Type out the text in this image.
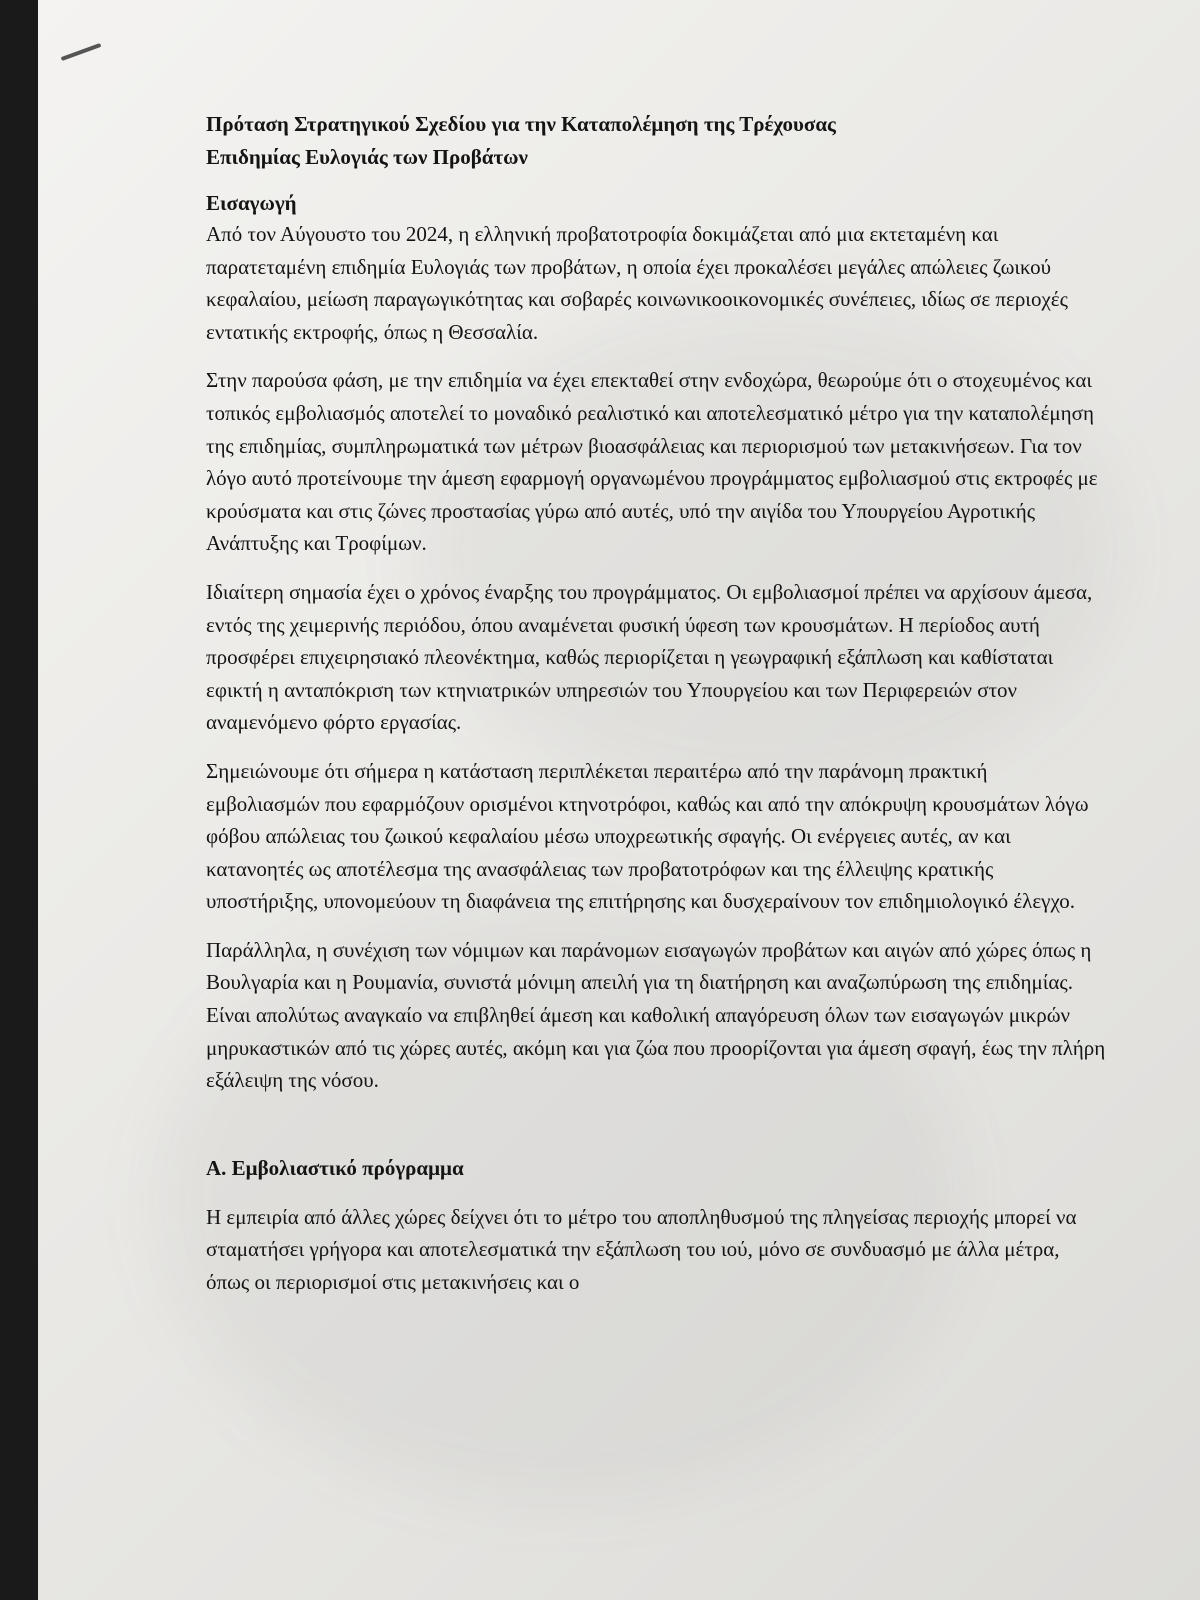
Πρόταση Στρατηγικού Σχεδίου για την Καταπολέμηση της Τρέχουσας
Επιδημίας Ευλογιάς των Προβάτων
Εισαγωγή

Από τον Αύγουστο του 2024, η ελληνική προβατοτροφία δοκιμάζεται από μια εκτεταμένη και παρατεταμένη επιδημία Ευλογιάς των προβάτων, η οποία έχει προκαλέσει μεγάλες απώλειες ζωικού κεφαλαίου, μείωση παραγωγικότητας και σοβαρές κοινωνικοοικονομικές συνέπειες, ιδίως σε περιοχές εντατικής εκτροφής, όπως η Θεσσαλία.

Στην παρούσα φάση, με την επιδημία να έχει επεκταθεί στην ενδοχώρα, θεωρούμε ότι ο στοχευμένος και τοπικός εμβολιασμός αποτελεί το μοναδικό ρεαλιστικό και αποτελεσματικό μέτρο για την καταπολέμηση της επιδημίας, συμπληρωματικά των μέτρων βιοασφάλειας και περιορισμού των μετακινήσεων. Για τον λόγο αυτό προτείνουμε την άμεση εφαρμογή οργανωμένου προγράμματος εμβολιασμού στις εκτροφές με κρούσματα και στις ζώνες προστασίας γύρω από αυτές, υπό την αιγίδα του Υπουργείου Αγροτικής Ανάπτυξης και Τροφίμων.

Ιδιαίτερη σημασία έχει ο χρόνος έναρξης του προγράμματος. Οι εμβολιασμοί πρέπει να αρχίσουν άμεσα, εντός της χειμερινής περιόδου, όπου αναμένεται φυσική ύφεση των κρουσμάτων. Η περίοδος αυτή προσφέρει επιχειρησιακό πλεονέκτημα, καθώς περιορίζεται η γεωγραφική εξάπλωση και καθίσταται εφικτή η ανταπόκριση των κτηνιατρικών υπηρεσιών του Υπουργείου και των Περιφερειών στον αναμενόμενο φόρτο εργασίας.

Σημειώνουμε ότι σήμερα η κατάσταση περιπλέκεται περαιτέρω από την παράνομη πρακτική εμβολιασμών που εφαρμόζουν ορισμένοι κτηνοτρόφοι, καθώς και από την απόκρυψη κρουσμάτων λόγω φόβου απώλειας του ζωικού κεφαλαίου μέσω υποχρεωτικής σφαγής. Οι ενέργειες αυτές, αν και κατανοητές ως αποτέλεσμα της ανασφάλειας των προβατοτρόφων και της έλλειψης κρατικής υποστήριξης, υπονομεύουν τη διαφάνεια της επιτήρησης και δυσχεραίνουν τον επιδημιολογικό έλεγχο.

Παράλληλα, η συνέχιση των νόμιμων και παράνομων εισαγωγών προβάτων και αιγών από χώρες όπως η Βουλγαρία και η Ρουμανία, συνιστά μόνιμη απειλή για τη διατήρηση και αναζωπύρωση της επιδημίας. Είναι απολύτως αναγκαίο να επιβληθεί άμεση και καθολική απαγόρευση όλων των εισαγωγών μικρών μηρυκαστικών από τις χώρες αυτές, ακόμη και για ζώα που προορίζονται για άμεση σφαγή, έως την πλήρη εξάλειψη της νόσου.

Α. Εμβολιαστικό πρόγραμμα

Η εμπειρία από άλλες χώρες δείχνει ότι το μέτρο του αποπληθυσμού της πληγείσας περιοχής μπορεί να σταματήσει γρήγορα και αποτελεσματικά την εξάπλωση του ιού, μόνο σε συνδυασμό με άλλα μέτρα, όπως οι περιορισμοί στις μετακινήσεις και ο
